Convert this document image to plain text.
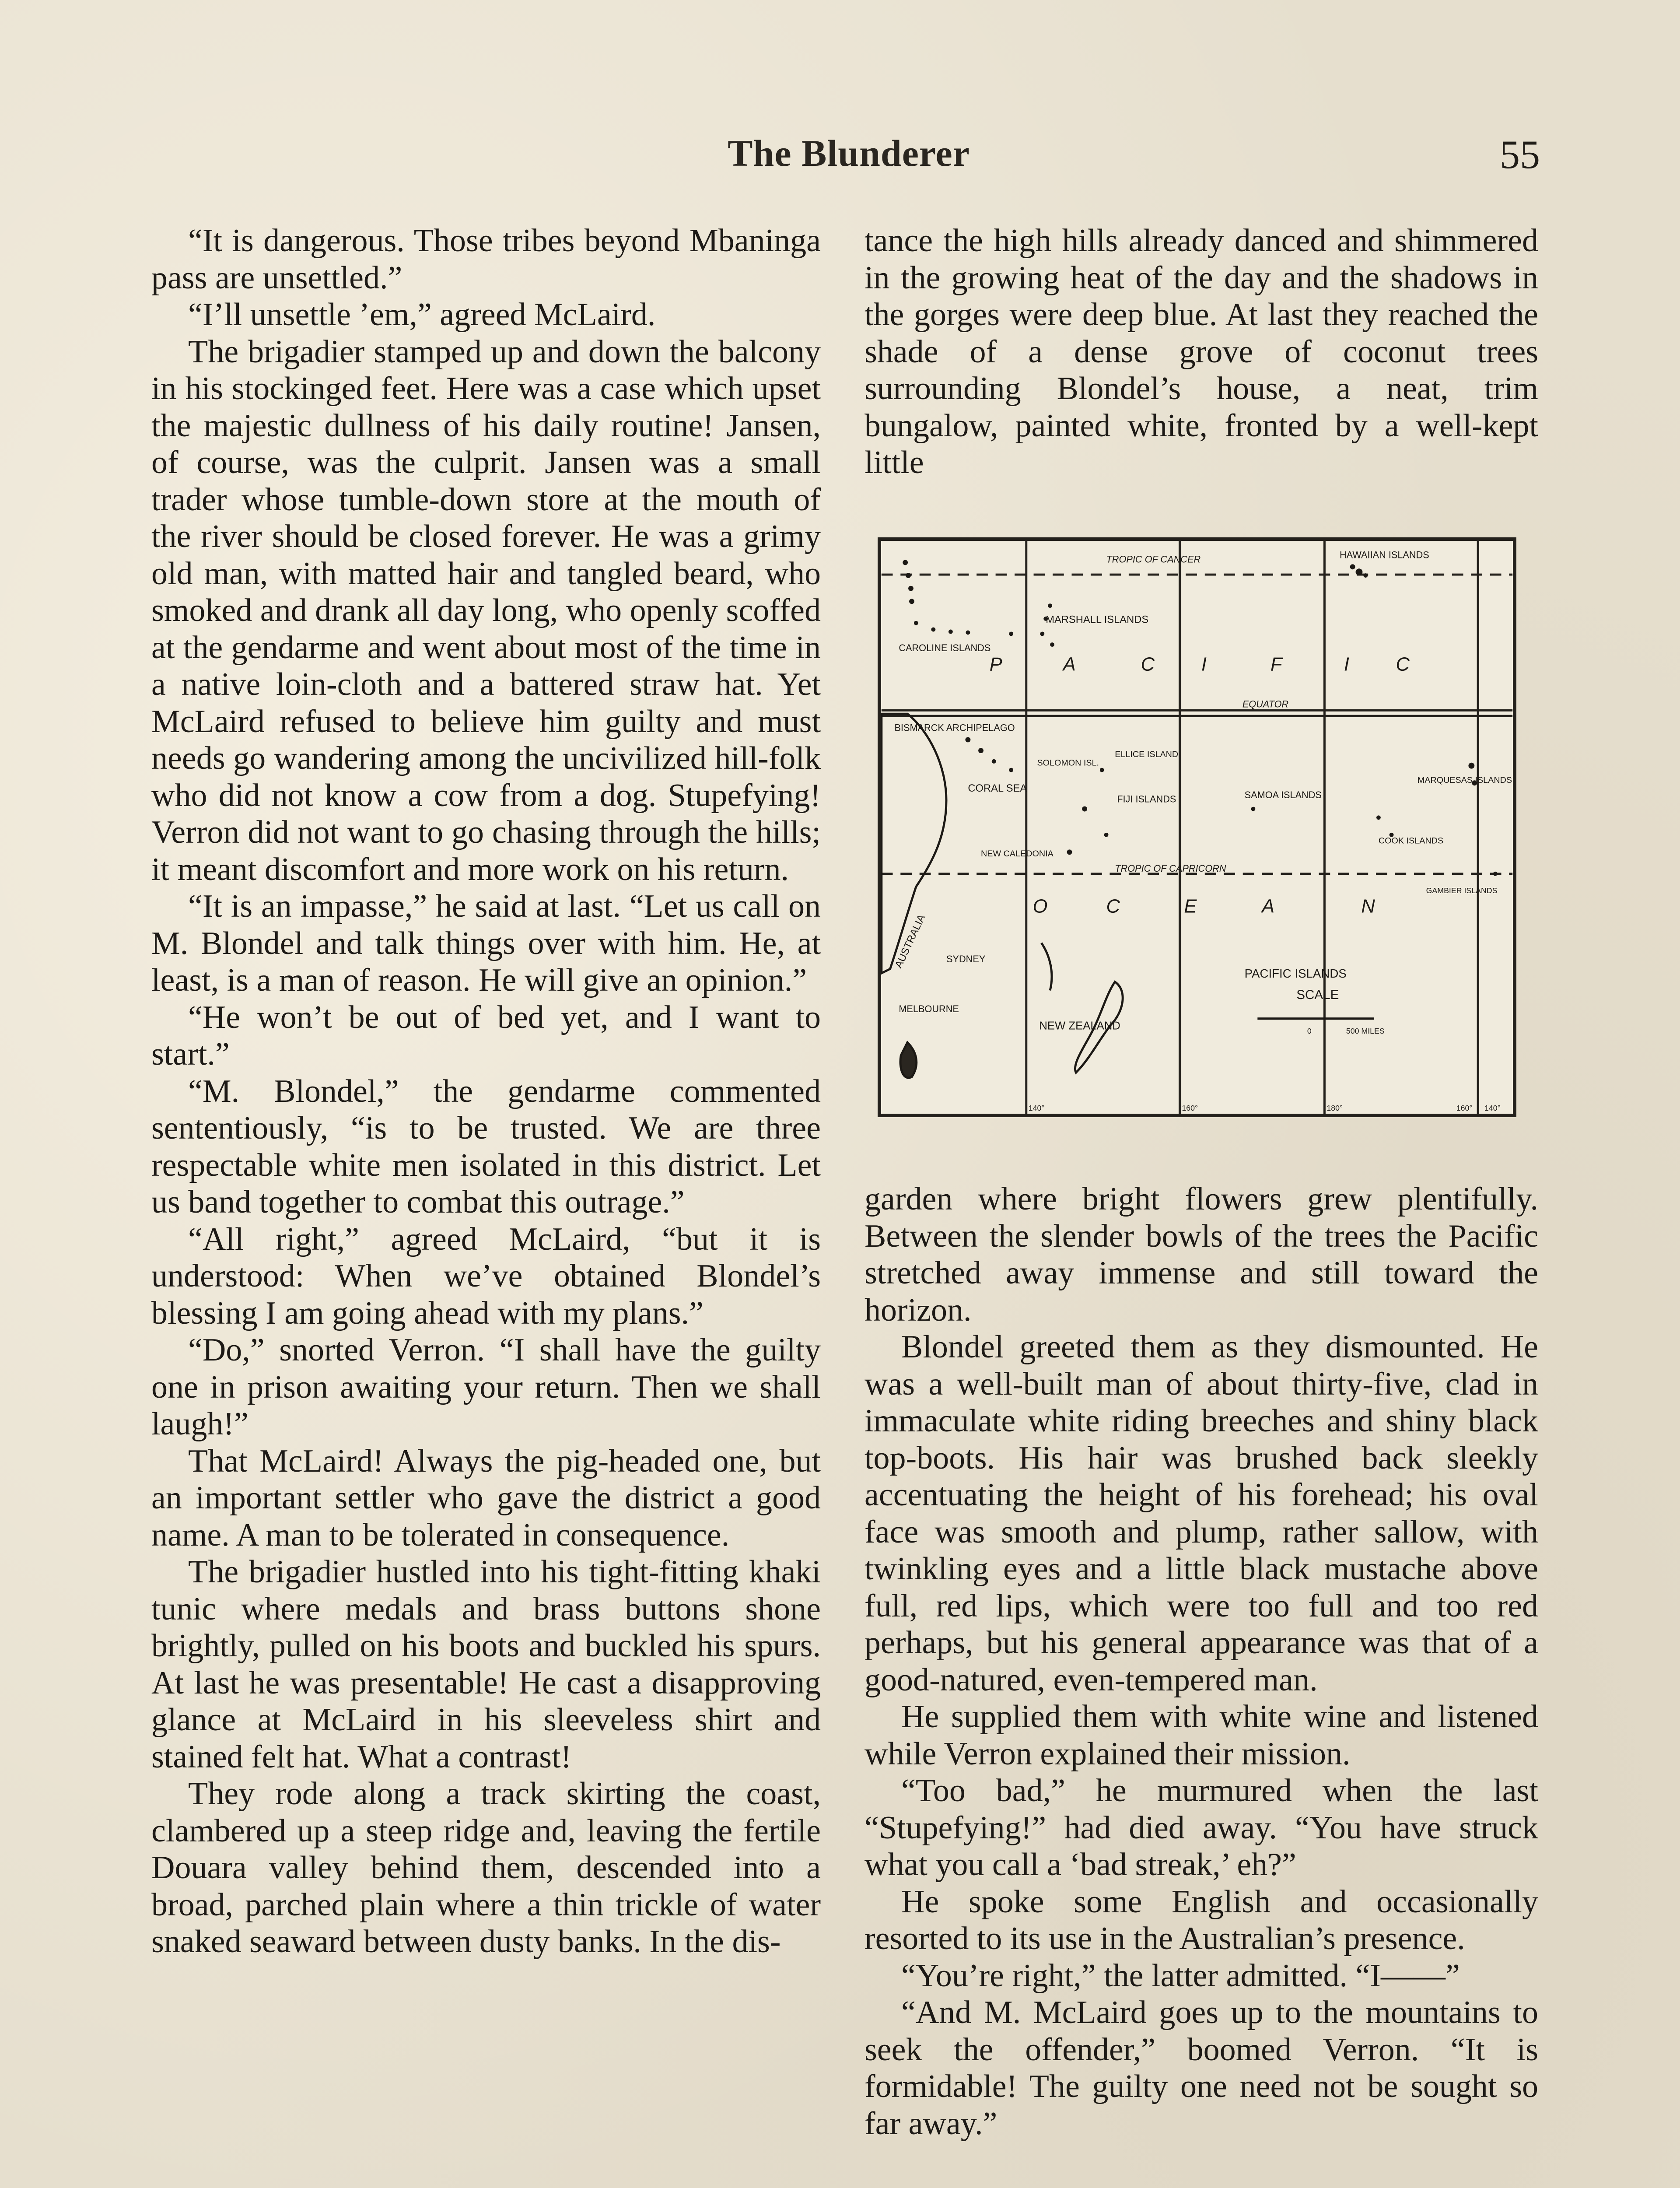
The Blunderer	55

“It is dangerous. Those tribes beyond Mbaninga pass are unsettled.”

“I’ll unsettle ’em,” agreed McLaird.

The brigadier stamped up and down the balcony in his stockinged feet. Here was a case which upset the majestic dullness of his daily routine! Jansen, of course, was the culprit. Jansen was a small trader whose tumble-down store at the mouth of the river should be closed forever. He was a grimy old man, with matted hair and tangled beard, who smoked and drank all day long, who openly scoffed at the gendarme and went about most of the time in a native loin-cloth and a battered straw hat. Yet McLaird refused to believe him guilty and must needs go wandering among the uncivilized hill-folk who did not know a cow from a dog. Stupefying! Verron did not want to go chasing through the hills; it meant discomfort and more work on his return.

“It is an impasse,” he said at last. “Let us call on M. Blondel and talk things over with him. He, at least, is a man of reason. He will give an opinion.”

“He won’t be out of bed yet, and I want to start.”

“M. Blondel,” the gendarme commented sententiously, “is to be trusted. We are three respectable white men isolated in this district. Let us band together to combat this outrage.”

“All right,” agreed McLaird, “but it is understood: When we’ve obtained Blondel’s blessing I am going ahead with my plans.”

“Do,” snorted Verron. “I shall have the guilty one in prison awaiting your return. Then we shall laugh!”

That McLaird! Always the pig-headed one, but an important settler who gave the district a good name. A man to be tolerated in consequence.

The brigadier hustled into his tight-fitting khaki tunic where medals and brass buttons shone brightly, pulled on his boots and buckled his spurs. At last he was presentable! He cast a disapproving glance at McLaird in his sleeveless shirt and stained felt hat. What a contrast!

They rode along a track skirting the coast, clambered up a steep ridge and, leaving the fertile Douara valley behind them, descended into a broad, parched plain where a thin trickle of water snaked seaward between dusty banks. In the dis-

tance the high hills already danced and shimmered in the growing heat of the day and the shadows in the gorges were deep blue. At last they reached the shade of a dense grove of coconut trees surrounding Blondel’s house, a neat, trim bungalow, painted white, fronted by a well-kept little

TROPIC OF CANCER	HAWAIIAN ISLANDS
MARSHALL ISLANDS
CAROLINE ISLANDS
P	A	C I	F	I C
EQUATOR
BISMARCK ARCHIPELAGO
SOLOMON ISL.
ELLICE ISLAND
MARQUESAS ISLANDS
CORAL SEA
FIJI ISLANDS	SAMOA ISLANDS
COOK ISLANDS
NEW CALEDONIA
TROPIC OF CAPRICORN
GAMBIER ISLANDS
O	C	E	A	N
AUSTRALIA SYDNEY
MELBOURNE
NEW ZEALAND
PACIFIC ISLANDS
SCALE
0	500 MILES
140°	160°	180°	160° 140°

garden where bright flowers grew plentifully. Between the slender bowls of the trees the Pacific stretched away immense and still toward the horizon.

Blondel greeted them as they dismounted. He was a well-built man of about thirty-five, clad in immaculate white riding breeches and shiny black top-boots. His hair was brushed back sleekly accentuating the height of his forehead; his oval face was smooth and plump, rather sallow, with twinkling eyes and a little black mustache above full, red lips, which were too full and too red perhaps, but his general appearance was that of a good-natured, even-tempered man.

He supplied them with white wine and listened while Verron explained their mission.

“Too bad,” he murmured when the last “Stupefying!” had died away. “You have struck what you call a ‘bad streak,’ eh?”

He spoke some English and occasionally resorted to its use in the Australian’s presence.

“You’re right,” the latter admitted. “I——”

“And M. McLaird goes up to the mountains to seek the offender,” boomed Verron. “It is formidable! The guilty one need not be sought so far away.”
